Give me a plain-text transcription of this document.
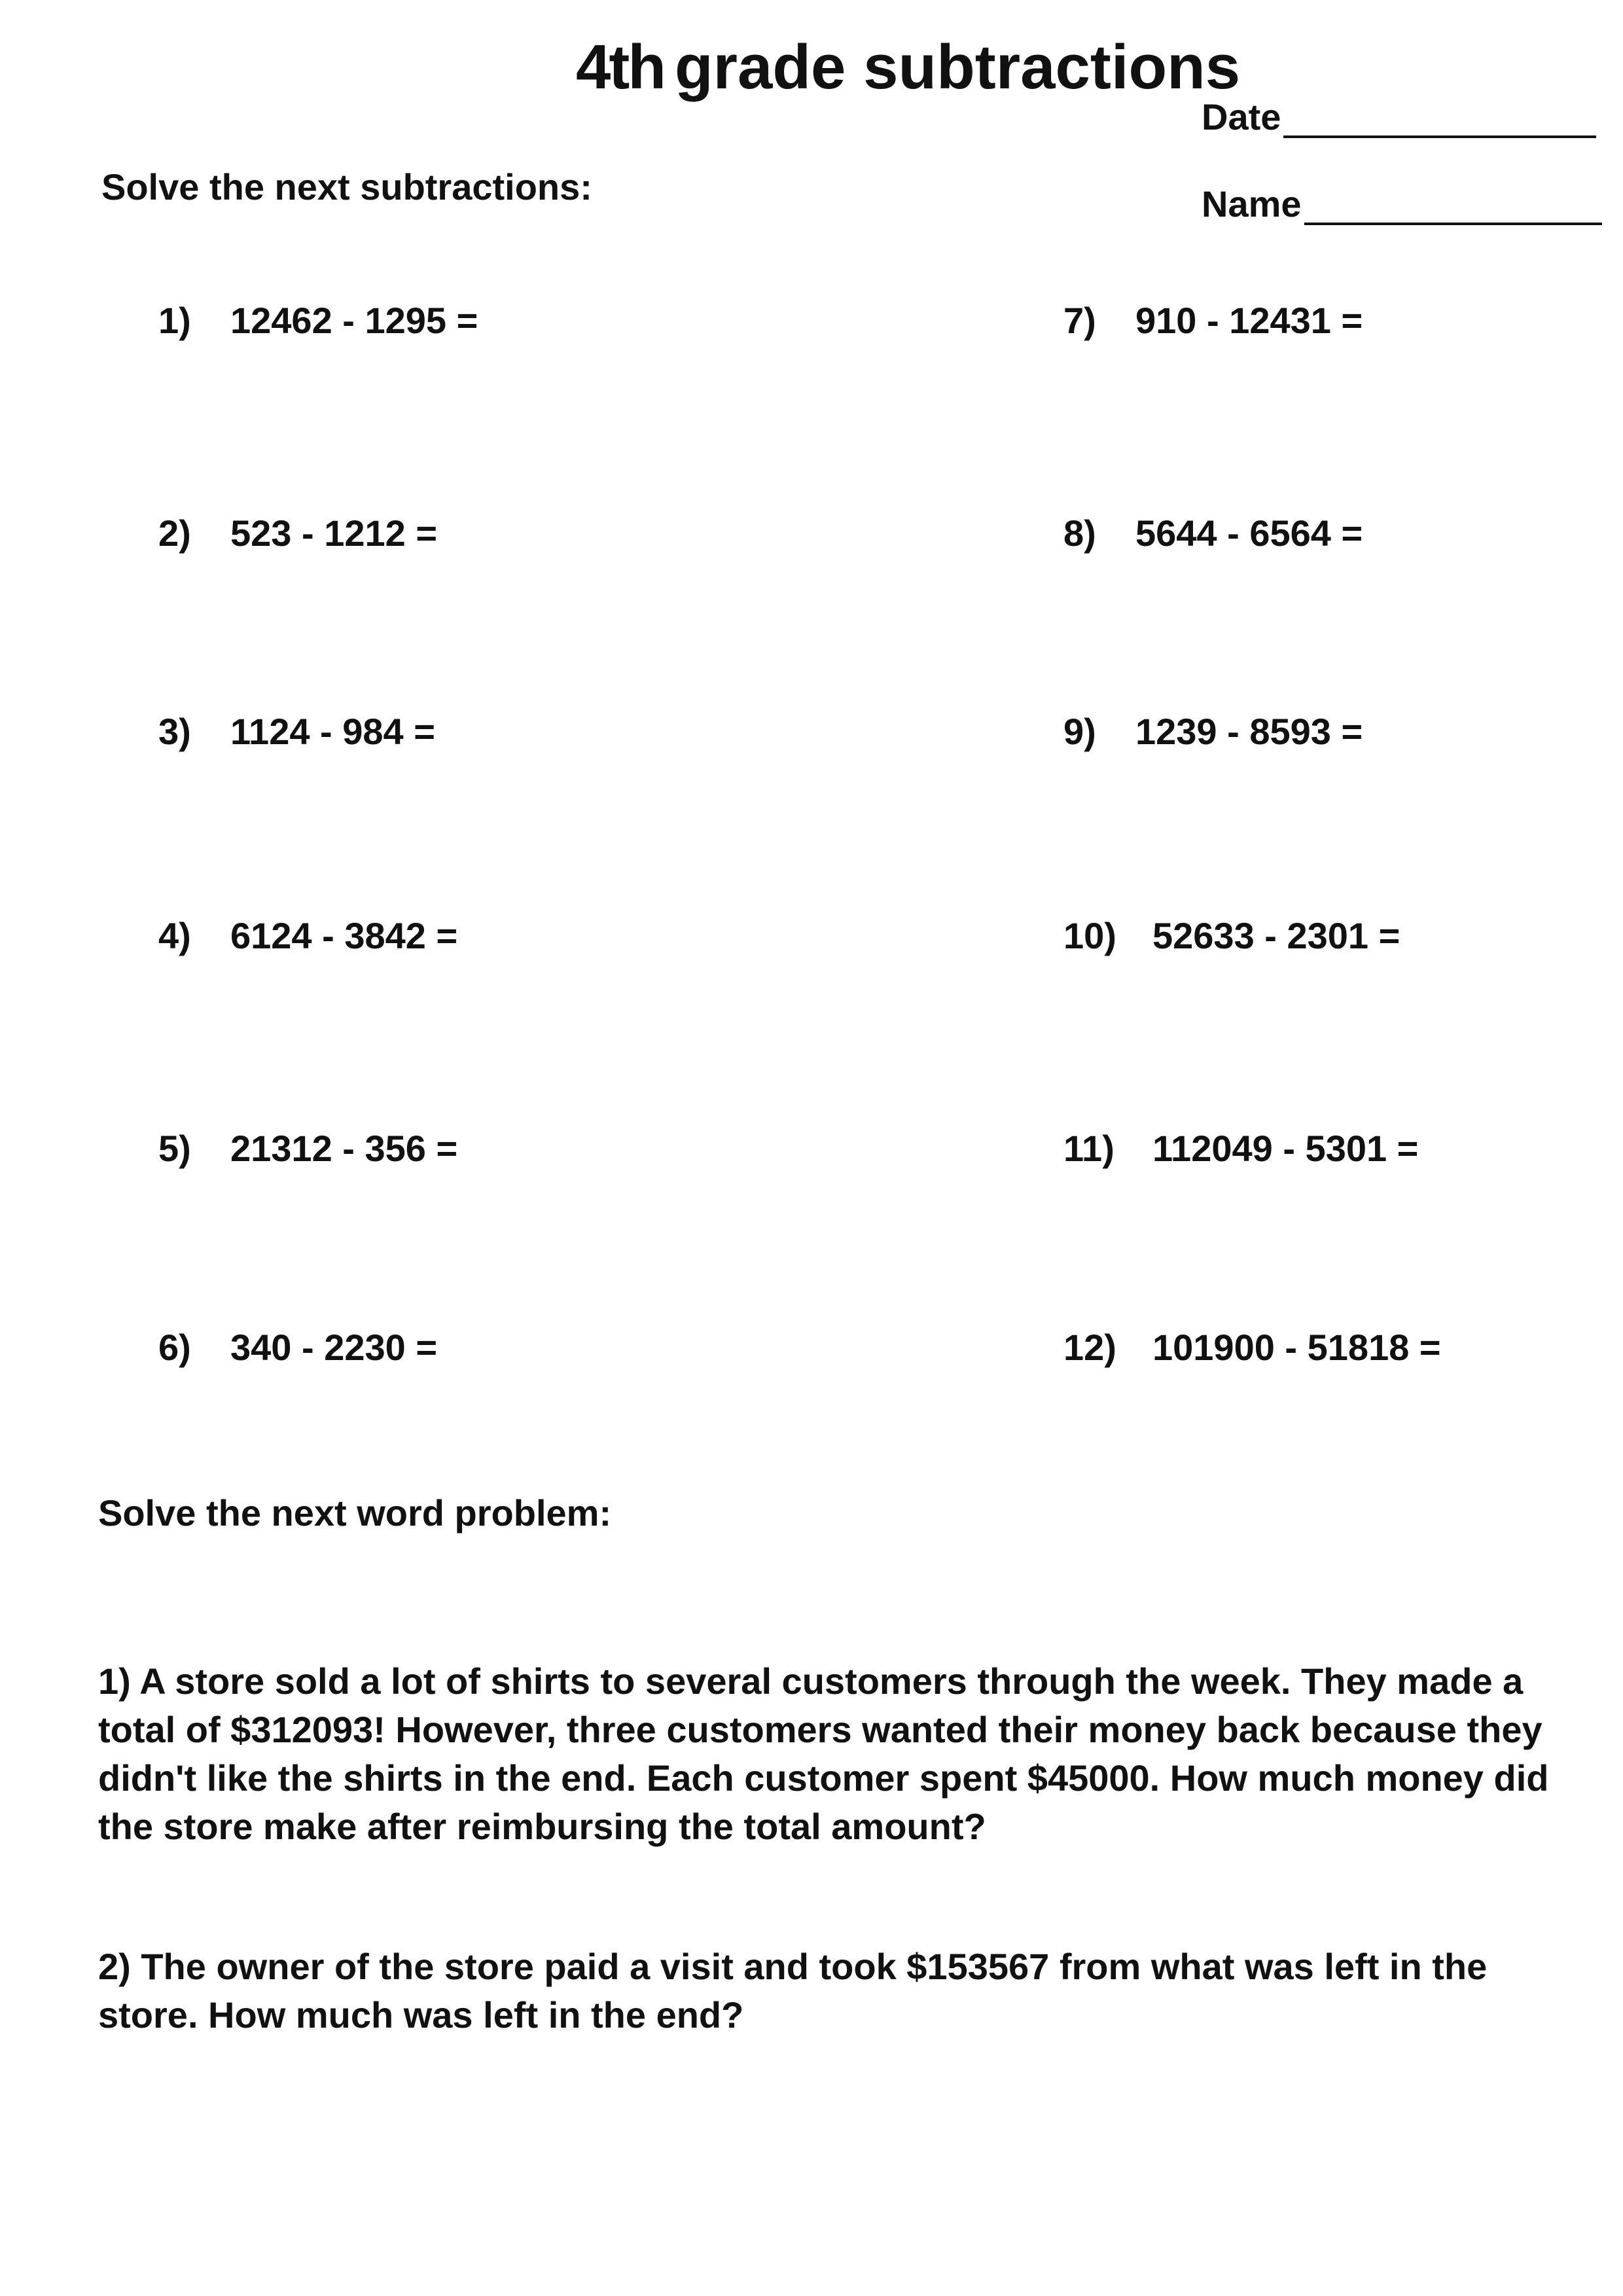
4th grade subtractions
Date
Name
Solve the next subtractions:
1) 12462 - 1295 =
2) 523 - 1212 =
3) 1124 - 984 =
4) 6124 - 3842 =
5) 21312 - 356 =
6) 340 - 2230 =
7) 910 - 12431 =
8) 5644 - 6564 =
9) 1239 - 8593 =
10) 52633 - 2301 =
11) 112049 - 5301 =
12) 101900 - 51818 =
Solve the next word problem:
1) A store sold a lot of shirts to several customers through the week. They made a total of $312093! However, three customers wanted their money back because they didn't like the shirts in the end. Each customer spent $45000. How much money did the store make after reimbursing the total amount?
2) The owner of the store paid a visit and took $153567 from what was left in the store. How much was left in the end?
